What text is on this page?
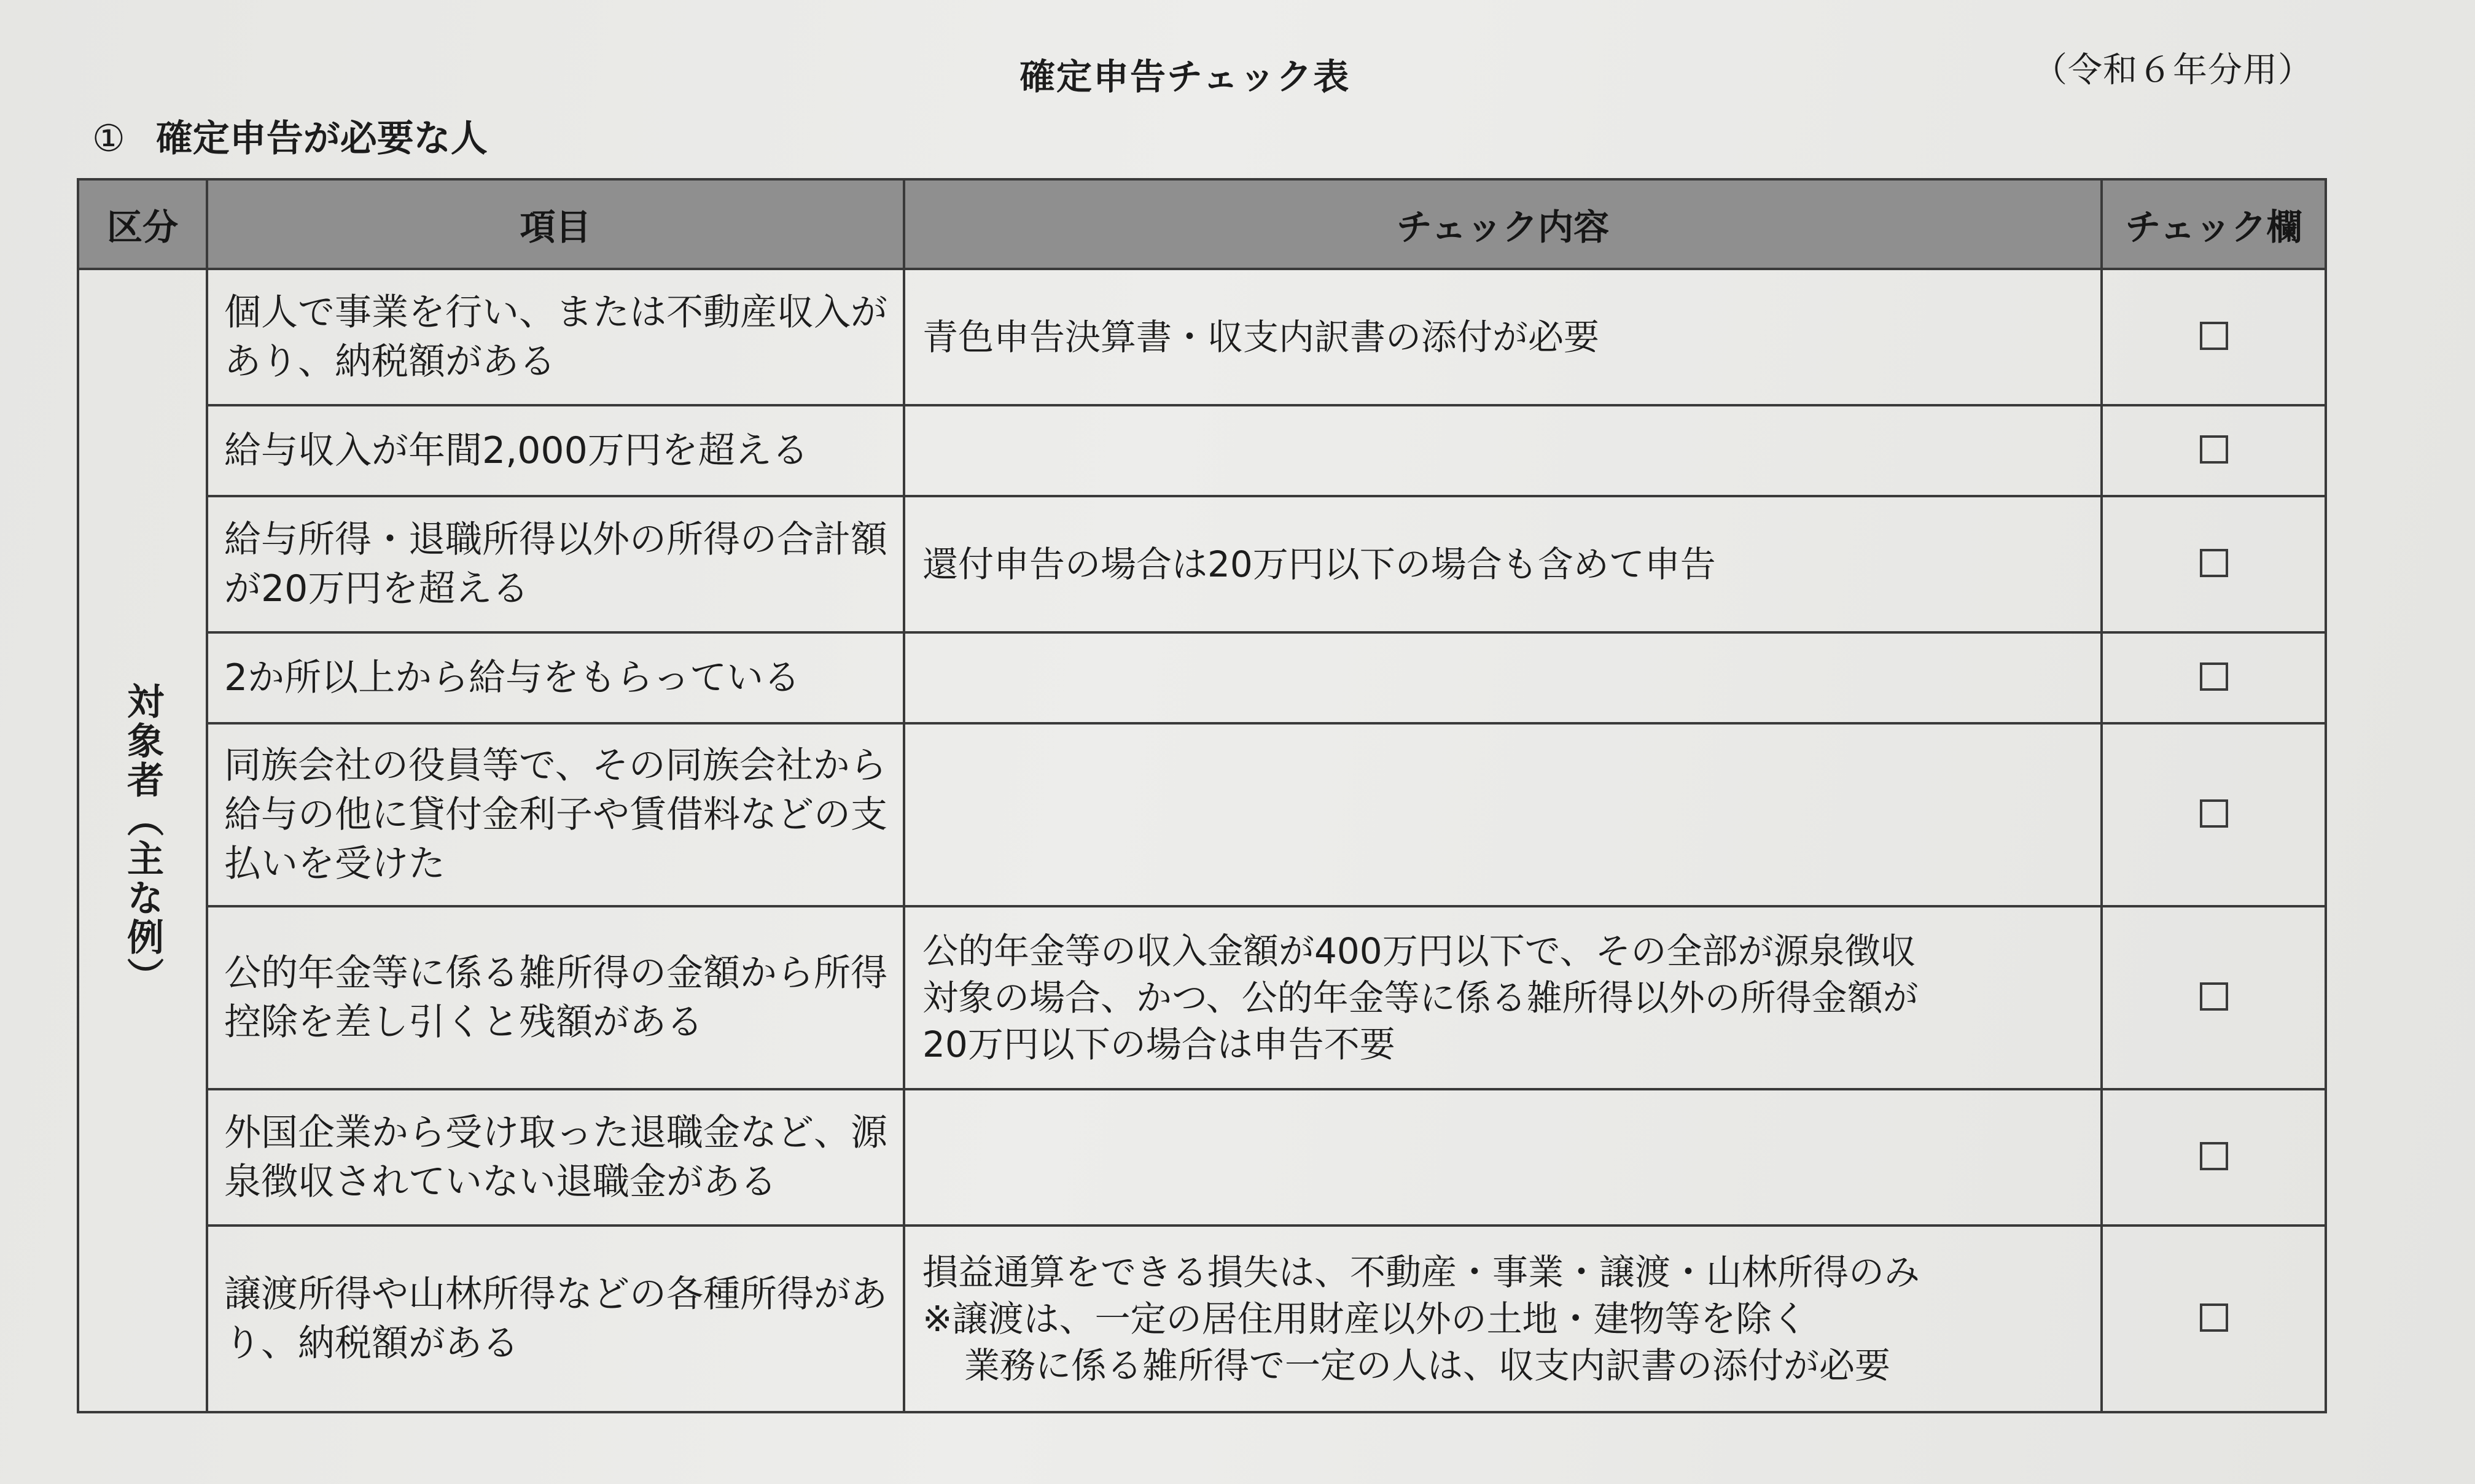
確定申告チェック表	（令和６年分用）
① 確定申告が必要な人
区分	項目	チェック内容	チェック欄
対象者（主な例）	個人で事業を行い、または不動産収入があり、納税額がある	青色申告決算書・収支内訳書の添付が必要	

	給与収入が年間2,000万円を超える		
	給与所得・退職所得以外の所得の合計額が20万円を超える	還付申告の場合は20万円以下の場合も含めて申告	

	2か所以上から給与をもらっている		
	同族会社の役員等で、その同族会社から給与の他に貸付金利子や賃借料などの支払いを受けた		
	公的年金等に係る雑所得の金額から所得控除を差し引くと残額がある	公的年金等の収入金額が400万円以下で、その全部が源泉徴収
対象の場合、かつ、公的年金等に係る雑所得以外の所得金額が
20万円以下の場合は申告不要	

	外国企業から受け取った退職金など、源泉徴収されていない退職金がある		
	譲渡所得や山林所得などの各種所得があり、納税額がある	損益通算をできる損失は、不動産・事業・譲渡・山林所得のみ
※譲渡は、一定の居住用財産以外の土地・建物等を除く
業務に係る雑所得で一定の人は、収支内訳書の添付が必要	
